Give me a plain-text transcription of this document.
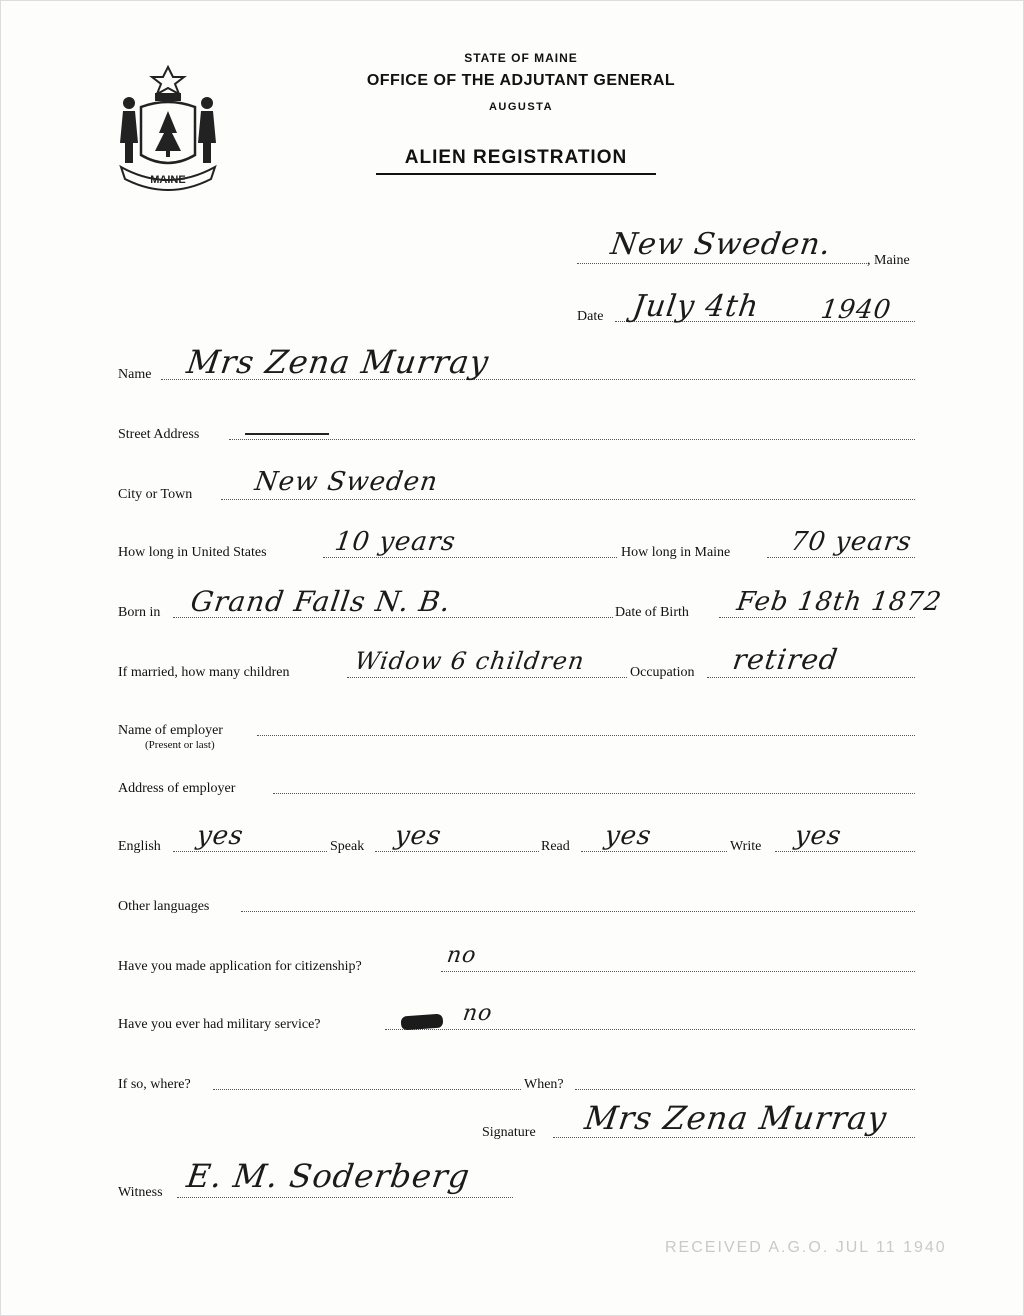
MAINE
STATE OF MAINE
OFFICE OF THE ADJUTANT GENERAL
AUGUSTA
ALIEN REGISTRATION
New Sweden. , Maine
Date July 4th 1940
Name Mrs Zena Murray
Street Address
City or Town New Sweden
How long in United States	10 years	How long in Maine 70 years
Born in Grand Falls N. B.	Date of Birth Feb 18th 1872
If married, how many children	Widow 6 children	Occupation retired
Name of employer
(Present or last)
Address of employer
English yes	Speak yes	Read yes	Write yes
Other languages
Have you made application for citizenship?	no
Have you ever had military service?	no
If so, where?	When?
Signature Mrs Zena Murray
Witness E. M. Soderberg
RECEIVED A.G.O. JUL 11 1940
